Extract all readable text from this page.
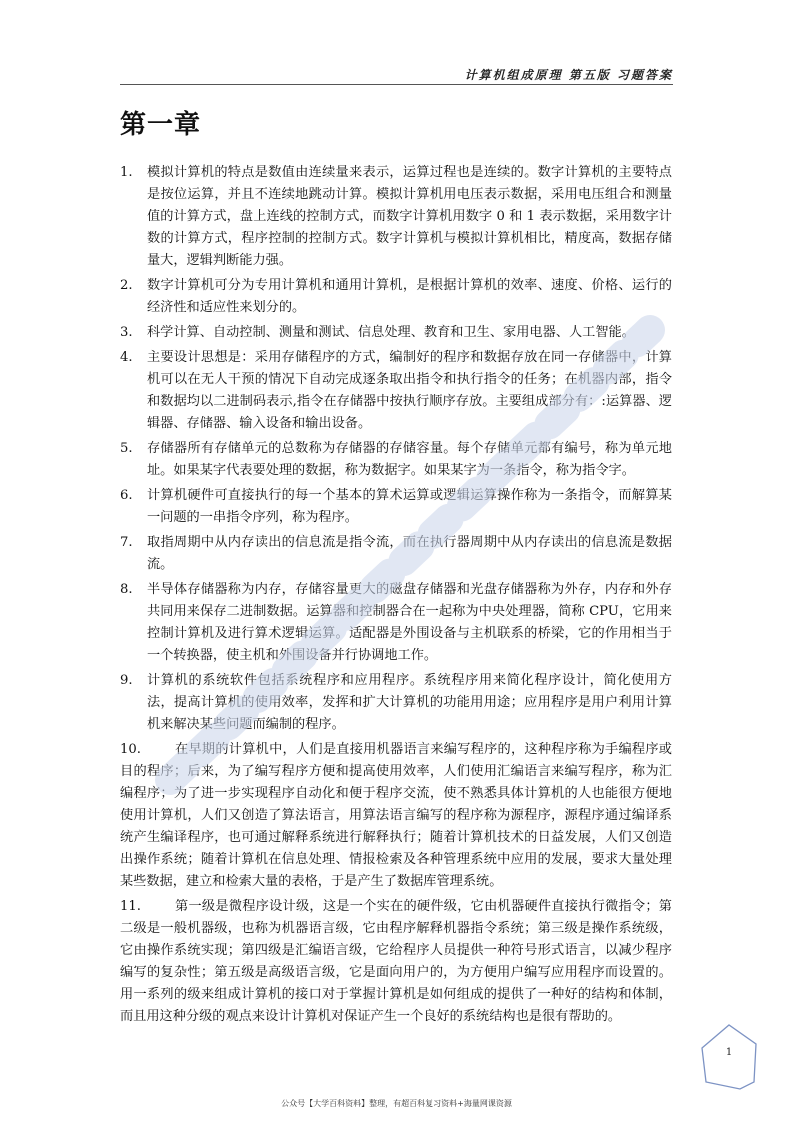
计算机组成原理 第五版 习题答案
第一章
1. 模拟计算机的特点是数值由连续量来表示，运算过程也是连续的。数字计算机的主要特点是按位运算，并且不连续地跳动计算。模拟计算机用电压表示数据，采用电压组合和测量值的计算方式，盘上连线的控制方式，而数字计算机用数字 0 和 1 表示数据，采用数字计数的计算方式，程序控制的控制方式。数字计算机与模拟计算机相比，精度高，数据存储量大，逻辑判断能力强。
2. 数字计算机可分为专用计算机和通用计算机，是根据计算机的效率、速度、价格、运行的经济性和适应性来划分的。
3. 科学计算、自动控制、测量和测试、信息处理、教育和卫生、家用电器、人工智能。
4. 主要设计思想是：采用存储程序的方式，编制好的程序和数据存放在同一存储器中，计算机可以在无人干预的情况下自动完成逐条取出指令和执行指令的任务；在机器内部，指令和数据均以二进制码表示,指令在存储器中按执行顺序存放。主要组成部分有：:运算器、逻辑器、存储器、输入设备和输出设备。
5. 存储器所有存储单元的总数称为存储器的存储容量。每个存储单元都有编号，称为单元地址。如果某字代表要处理的数据，称为数据字。如果某字为一条指令，称为指令字。
6. 计算机硬件可直接执行的每一个基本的算术运算或逻辑运算操作称为一条指令，而解算某一问题的一串指令序列，称为程序。
7. 取指周期中从内存读出的信息流是指令流，而在执行器周期中从内存读出的信息流是数据流。
8. 半导体存储器称为内存，存储容量更大的磁盘存储器和光盘存储器称为外存，内存和外存共同用来保存二进制数据。运算器和控制器合在一起称为中央处理器，简称 CPU，它用来控制计算机及进行算术逻辑运算。适配器是外围设备与主机联系的桥梁，它的作用相当于一个转换器，使主机和外围设备并行协调地工作。
9. 计算机的系统软件包括系统程序和应用程序。系统程序用来简化程序设计，简化使用方法，提高计算机的使用效率，发挥和扩大计算机的功能用用途；应用程序是用户利用计算机来解决某些问题而编制的程序。
10.	在早期的计算机中，人们是直接用机器语言来编写程序的，这种程序称为手编程序或目的程序；后来，为了编写程序方便和提高使用效率，人们使用汇编语言来编写程序，称为汇编程序；为了进一步实现程序自动化和便于程序交流，使不熟悉具体计算机的人也能很方便地使用计算机，人们又创造了算法语言，用算法语言编写的程序称为源程序，源程序通过编译系统产生编译程序，也可通过解释系统进行解释执行；随着计算机技术的日益发展，人们又创造出操作系统；随着计算机在信息处理、情报检索及各种管理系统中应用的发展，要求大量处理某些数据，建立和检索大量的表格，于是产生了数据库管理系统。
11.	第一级是微程序设计级，这是一个实在的硬件级，它由机器硬件直接执行微指令；第二级是一般机器级，也称为机器语言级，它由程序解释机器指令系统；第三级是操作系统级，它由操作系统实现；第四级是汇编语言级，它给程序人员提供一种符号形式语言，以减少程序编写的复杂性；第五级是高级语言级，它是面向用户的，为方便用户编写应用程序而设置的。用一系列的级来组成计算机的接口对于掌握计算机是如何组成的提供了一种好的结构和体制，而且用这种分级的观点来设计计算机对保证产生一个良好的系统结构也是很有帮助的。
1
公众号【大学百科资料】整理，有超百科复习资料+海量网课资源
